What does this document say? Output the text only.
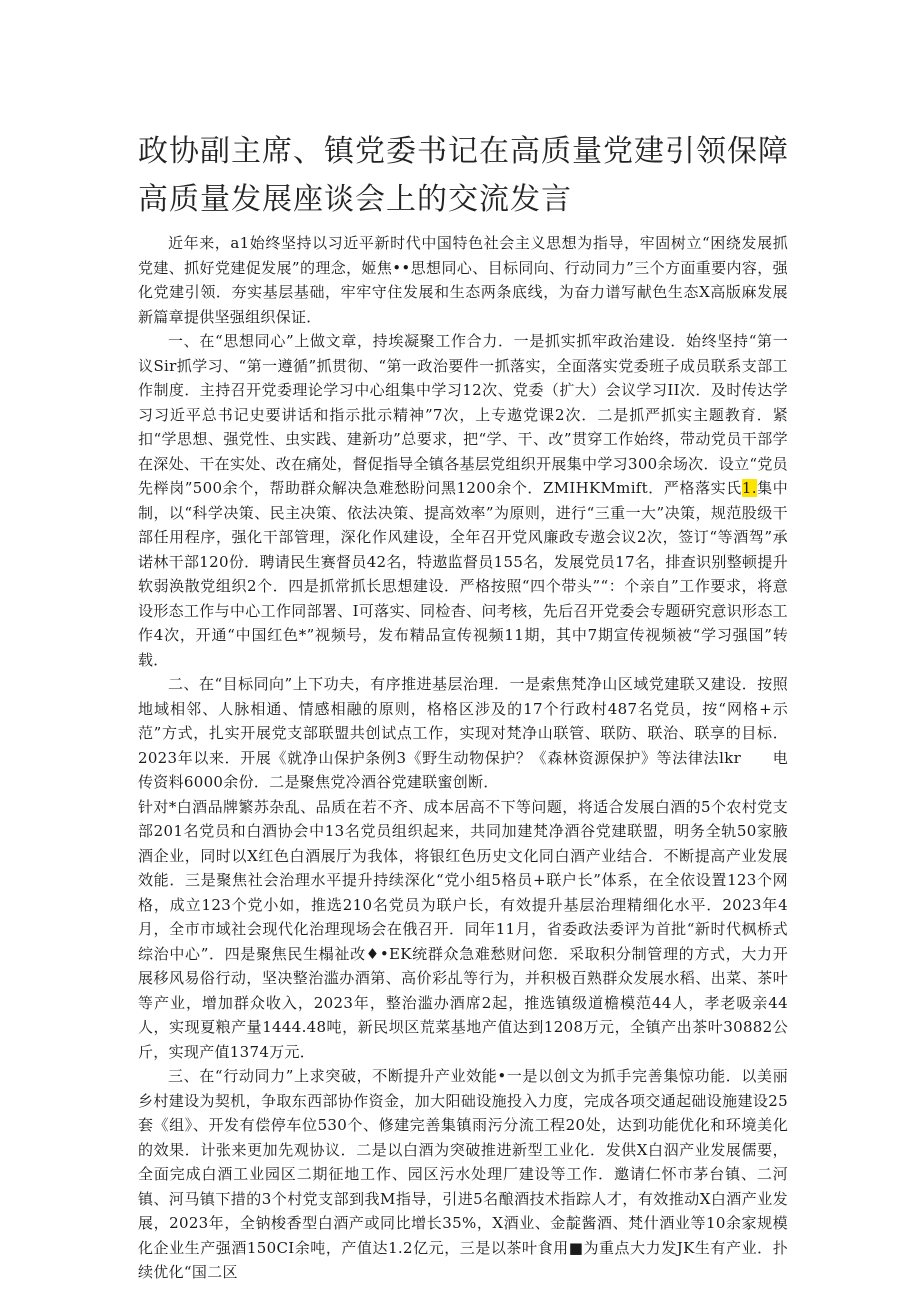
政协副主席、镇党委书记在高质量党建引领保障高质量发展座谈会上的交流发言

近年来，a1始终坚持以习近平新时代中国特色社会主义思想为指导，牢固树立“困绕发展抓党建、抓好党建促发展”的理念，姬焦••思想同心、目标同向、行动同力”三个方面重要内容，强化党建引领．夯实基层基础，牢牢守住发展和生态两条底线，为奋力谱写献色生态X高版麻发展新篇章提供坚强组织保证．

一、在“思想同心”上做文章，持埃凝聚工作合力．一是抓实抓牢政治建设．始终坚持“第一议Sir抓学习、“第一遵循”抓贯彻、“第一政治要件一抓落实，全面落实党委班子成员联系支部工作制度．主持召开党委理论学习中心组集中学习12次、党委（扩大）会议学习II次．及时传达学习习近平总书记史要讲话和指示批示精神”7次，上专遨党课2次．二是抓严抓实主题教育．紧扣“学思想、强党性、虫实践、建新功”总要求，把“学、干、改”贯穿工作始终，带动党员干部学在深处、干在实处、改在痛处，督促指导全镇各基层党组织开展集中学习300余场次．设立“党员先榉岗”500余个，帮助群众解决急难愁盼问黑1200余个．ZMIHKMmift．严格落实氏1.集中制，以“科学决策、民主决策、依法决策、提高效率”为原则，进行“三重一大”决策，规范股级干部任用程序，强化干部管理，深化作风建设，全年召开党风廉政专遨会议2次，签订“等酒驾”承诺林干部120份．聘请民生赛督员42名，特遨监督员155名，发展党员17名，排查识别整顿提升软弱涣散党组织2个．四是抓常抓长思想建设．严格按照“四个带头”“：个亲自”工作要求，将意设形态工作与中心工作同部署、I可落实、同检杳、问考核，先后召开党委会专题研究意识形态工作4次，开通“中国红色*”视频号，发布精品宣传视频11期，其中7期宣传视频被“学习强国”转载．

二、在“目标同向”上下功夫，有序推进基层治理．一是索焦梵净山区域党建联又建设．按照地域相邻、人脉相通、情感相融的原则，格格区涉及的17个行政村487名党员，按“网格+示范”方式，扎实开展党支部联盟共创试点工作，实现对梵净山联管、联防、联治、联享的目标．2023年以来．开展《就净山保护条例3《野生动物保护？《森林资源保护》等法律法lkr　　电传资料6000余份．二是聚焦党冷酒谷党建联蜜创断．

针对*白酒品牌繁苏杂乱、品质在若不齐、成本居高不下等问题，将适合发展白酒的5个农村党支部201名党员和白酒协会中13名党员组织起来，共同加建梵净酒谷党建联盟，明务全轨50家腋酒企业，同时以X红色白酒展厅为我体，将银红色历史文化同白酒产业结合．不断提高产业发展效能．三是聚焦社会治理水平提升持续深化“党小组5格员+联户长”体系，在全依设置123个网格，成立123个党小如，推选210名党员为联户长，有效提升基层治理精细化水平．2023年4月，全市市域社会现代化治理现场会在俄召开．同年11月，省委政法委评为首批“新时代枫桥式综治中心”．四是聚焦民生榻祉改♦•EK统群众急难愁财问您．采取积分制管理的方式，大力开展移风易俗行动，坚决整治滥办酒第、高价彩乩等行为，并积极百熟群众发展水稻、出菜、茶叶等产业，增加群众收入，2023年，整治滥办酒席2起，推选镇级道檐模范44人，孝老吸亲44人，实现夏粮产量1444.48吨，新民坝区荒菜基地产值达到1208万元，全镇产出茶叶30882公斤，实现产值1374万元．

三、在“行动同力”上求突破，不断提升产业效能•一是以创文为抓手完善集惊功能．以美丽乡村建设为契机，争取东西部协作资金，加大阳础设施投入力度，完成各项交通起础设施建设25套《组》、开发有偿停车位530个、修建完善集镇雨污分流工程20处，达到功能优化和环境美化的效果．计张来更加先观协议．二是以白酒为突破推进新型工业化．发供X白泅产业发展儒要，全面完成白酒工业园区二期征地工作、园区污水处理厂建设等工作．邀请仁怀市茅台镇、二河镇、河马镇下措的3个村党支部到我M指导，引进5名酿酒技术指踪人才，有效推动X白酒产业发展，2023年，全钠梭香型白酒产或同比增长35%，X酒业、金靛酱酒、梵什酒业等10余家规模化企业生产强酒150CI余吨，产值达1.2亿元，三是以茶叶食用■为重点大力发JK生有产业．扑续优化“国二区
